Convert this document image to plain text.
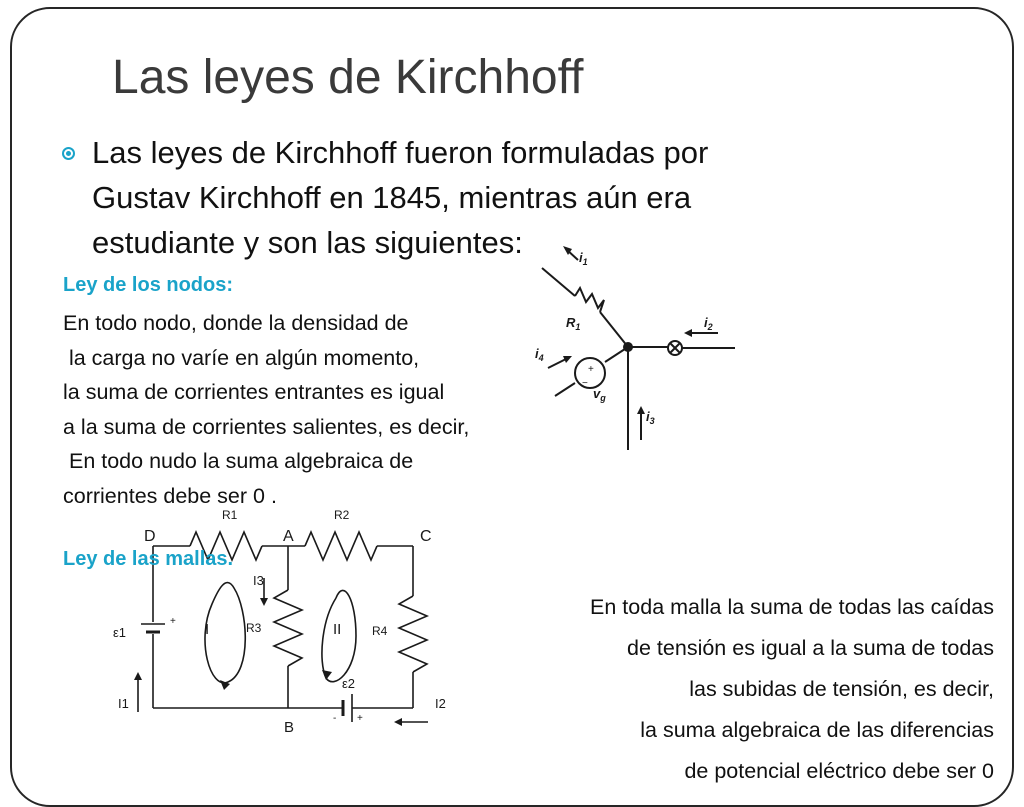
Las leyes de Kirchhoff
Las leyes de Kirchhoff fueron formuladas por
Gustav Kirchhoff en 1845, mientras aún era
estudiante y son las siguientes:
Ley de los nodos:
En todo nodo, donde la densidad de
la carga no varíe en algún momento,
la suma de corrientes entrantes es igual
a la suma de corrientes salientes, es decir,
En todo nudo la suma algebraica de
corrientes debe ser 0 .
$i_1$
$i_2$
$i_3$
$i_4$
$R_1$
$v_g$
+
−
R1	R2
R3	R4
D	A	C
B
I1	I2
I3
ε1
ε2
I	II
+
+
-
Ley de las mallas.
En toda malla la suma de todas las caídas
de tensión es igual a la suma de todas
las subidas de tensión, es decir,
la suma algebraica de las diferencias
de potencial eléctrico debe ser 0
